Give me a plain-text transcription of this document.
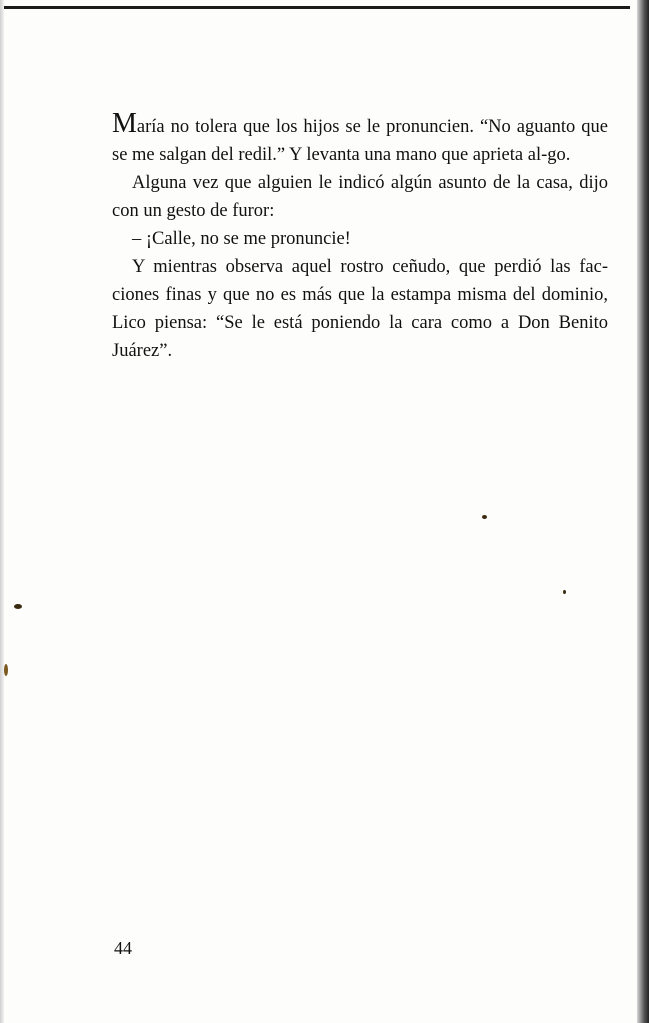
María no tolera que los hijos se le pronuncien. “No aguanto que se me salgan del redil.” Y levanta una mano que aprieta al-go.

Alguna vez que alguien le indicó algún asunto de la casa, dijo con un gesto de furor:

– ¡Calle, no se me pronuncie!

Y mientras observa aquel rostro ceñudo, que perdió las fac-ciones finas y que no es más que la estampa misma del dominio, Lico piensa: “Se le está poniendo la cara como a Don Benito Juárez”.

44
